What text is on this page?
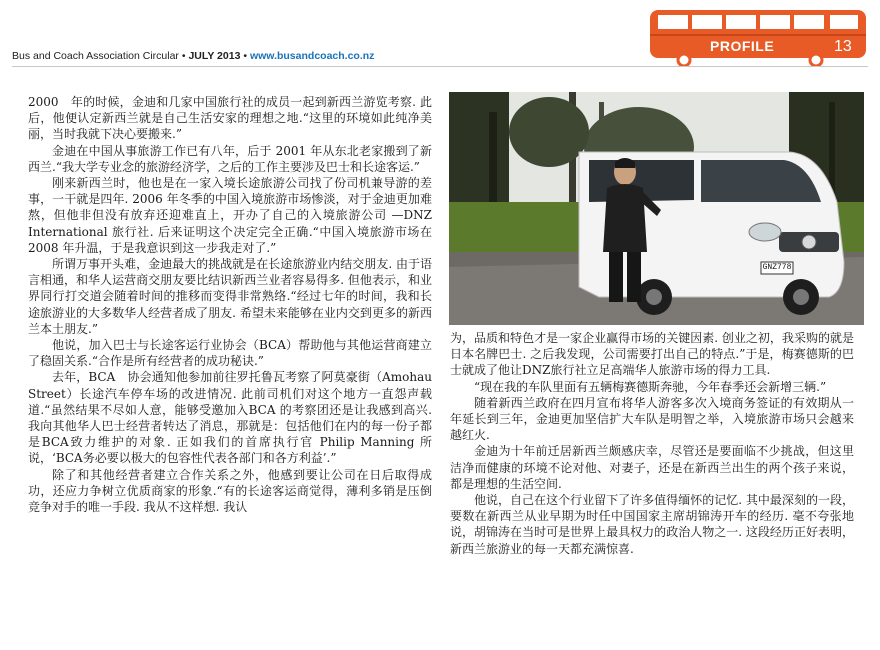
Bus and Coach Association Circular • JULY 2013 • www.busandcoach.co.nz
PROFILE	13
GNZ778

2000　年的时候，金迪和几家中国旅行社的成员一起到新西兰游览考察. 此后，他便认定新西兰就是自己生活安家的理想之地.“这里的环境如此纯净美丽，当时我就下决心要搬来.”

金迪在中国从事旅游工作已有八年，后于 2001 年从东北老家搬到了新西兰.“我大学专业念的旅游经济学，之后的工作主要涉及巴士和长途客运.”

刚来新西兰时，他也是在一家入境长途旅游公司找了份司机兼导游的差事，一干就是四年. 2006 年冬季的中国入境旅游市场惨淡，对于金迪更加难熬，但他非但没有放弃还迎难直上，开办了自己的入境旅游公司 —DNZ International 旅行社. 后来证明这个决定完全正确.“中国入境旅游市场在 2008 年升温，于是我意识到这一步我走对了.”

所谓万事开头难，金迪最大的挑战就是在长途旅游业内结交朋友. 由于语言相通，和华人运营商交朋友要比结识新西兰业者容易得多. 但他表示，和业界同行打交道会随着时间的推移而变得非常熟络.“经过七年的时间，我和长途旅游业的大多数华人经营者成了朋友. 希望未来能够在业内交到更多的新西兰本土朋友.”

他说，加入巴士与长途客运行业协会（BCA）帮助他与其他运营商建立了稳固关系.“合作是所有经营者的成功秘诀.”

去年，BCA　协会通知他参加前往罗托鲁瓦考察了阿莫豪街（Amohau　Street）长途汽车停车场的改进情况. 此前司机们对这个地方一直怨声载道.“虽然结果不尽如人意，能够受邀加入BCA 的考察团还是让我感到高兴. 我向其他华人巴士经营者转达了消息，那就是：包括他们在内的每一份子都是BCA致力维护的对象. 正如我们的首席执行官 Philip Manning 所说，‘BCA务必要以极大的包容性代表各部门和各方利益’.”

除了和其他经营者建立合作关系之外，他感到要让公司在日后取得成功，还应力争树立优质商家的形象.“有的长途客运商觉得，薄利多销是压倒竞争对手的唯一手段. 我从不这样想. 我认

为，品质和特色才是一家企业赢得市场的关键因素. 创业之初，我采购的就是日本名牌巴士. 之后我发现，公司需要打出自己的特点.”于是，梅赛德斯的巴士就成了他让DNZ旅行社立足高端华人旅游市场的得力工具.

“现在我的车队里面有五辆梅赛德斯奔驰，今年春季还会新增三辆.”

随着新西兰政府在四月宣布将华人游客多次入境商务签证的有效期从一年延长到三年，金迪更加坚信扩大车队是明智之举，入境旅游市场只会越来越红火.

金迪为十年前迁居新西兰颇感庆幸，尽管还是要面临不少挑战，但这里洁净而健康的环境不论对他、对妻子，还是在新西兰出生的两个孩子来说，都是理想的生活空间.

他说，自己在这个行业留下了许多值得缅怀的记忆. 其中最深刻的一段，要数在新西兰从业早期为时任中国国家主席胡锦涛开车的经历. 毫不夸张地说，胡锦涛在当时可是世界上最具权力的政治人物之一. 这段经历正好表明，新西兰旅游业的每一天都充满惊喜.
